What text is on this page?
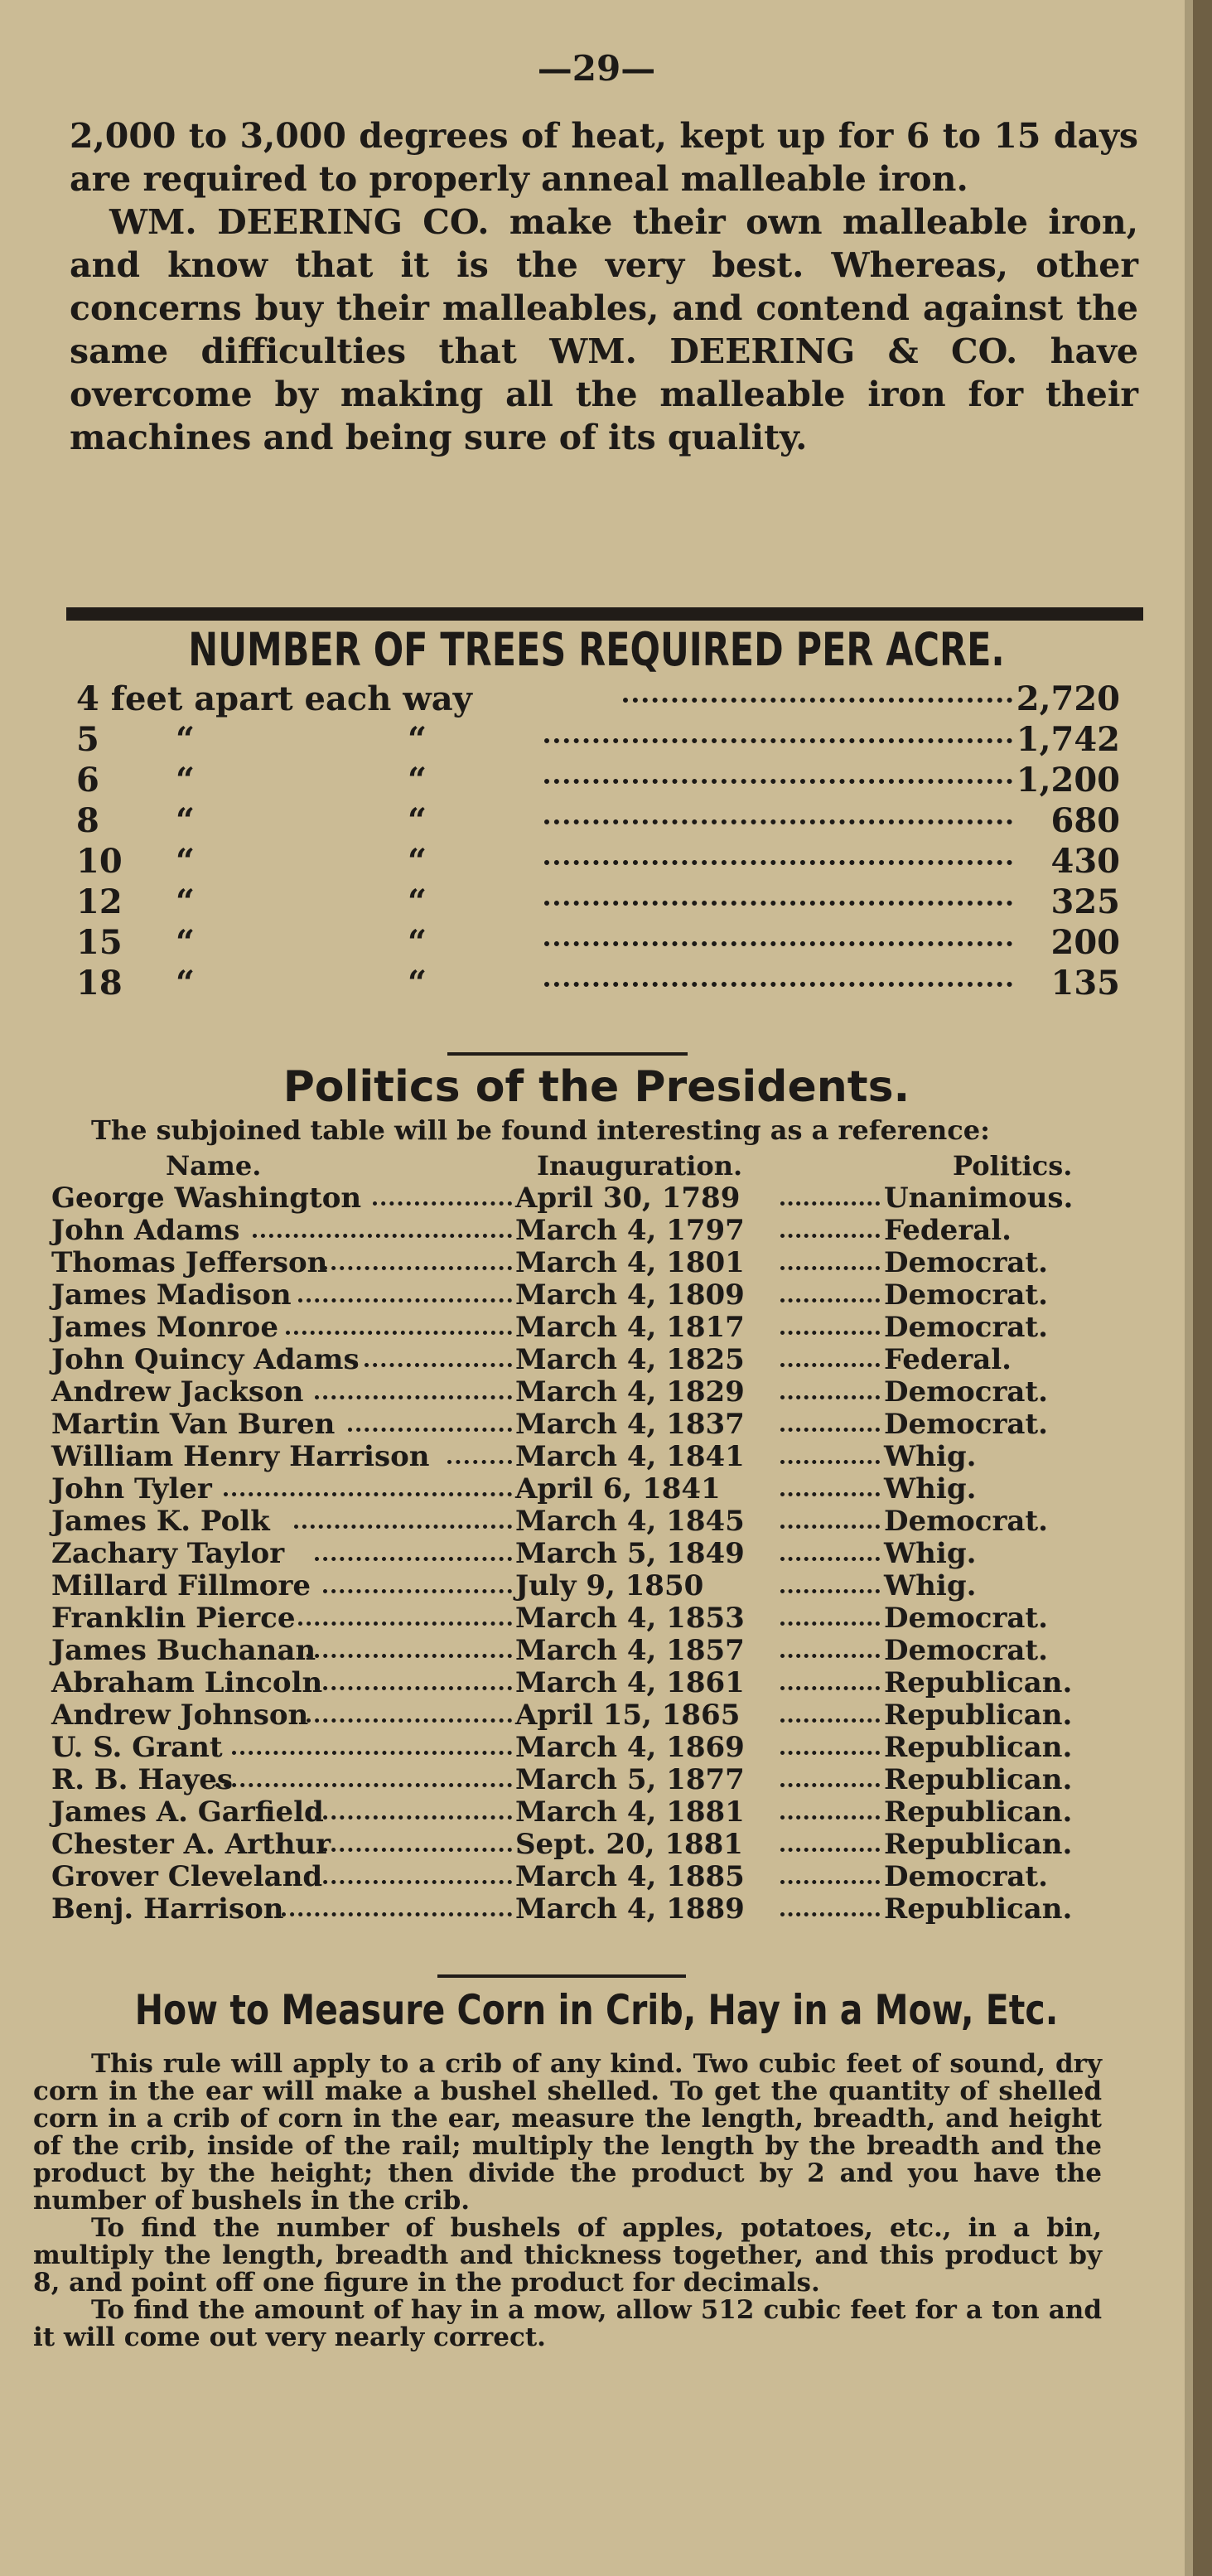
—29—

2,000 to 3,000 degrees of heat, kept up for 6 to 15 days are required to properly anneal malleable iron.

WM. DEERING CO. make their own malleable iron, and know that it is the very best. Whereas, other concerns buy their malleables, and contend against the same difficulties that WM. DEERING & CO. have overcome by making all the malleable iron for their machines and being sure of its quality.

NUMBER OF TREES REQUIRED PER ACRE.
4 feet apart each way	2,720
5 “	“	1,742
6 “	“	1,200
8 “	“	680
10 “	“	430
12 “	“	325
15 “	“	200
18 “	“	135
Politics of the Presidents.
The subjoined table will be found interesting as a reference:
Name.	Inauguration.	Politics.
George Washington	April 30, 1789	Unanimous.
John Adams	March 4, 1797	Federal.
Thomas Jefferson	March 4, 1801	Democrat.
James Madison	March 4, 1809	Democrat.
James Monroe	March 4, 1817	Democrat.
John Quincy Adams	March 4, 1825	Federal.
Andrew Jackson	March 4, 1829	Democrat.
Martin Van Buren	March 4, 1837	Democrat.
William Henry Harrison	March 4, 1841	Whig.
John Tyler	April 6, 1841	Whig.
James K. Polk	March 4, 1845	Democrat.
Zachary Taylor	March 5, 1849	Whig.
Millard Fillmore	July 9, 1850	Whig.
Franklin Pierce	March 4, 1853	Democrat.
James Buchanan	March 4, 1857	Democrat.
Abraham Lincoln	March 4, 1861	Republican.
Andrew Johnson	April 15, 1865	Republican.
U. S. Grant	March 4, 1869	Republican.
R. B. Hayes	March 5, 1877	Republican.
James A. Garfield	March 4, 1881	Republican.
Chester A. Arthur	Sept. 20, 1881	Republican.
Grover Cleveland	March 4, 1885	Democrat.
Benj. Harrison	March 4, 1889	Republican.
How to Measure Corn in Crib, Hay in a Mow, Etc.

This rule will apply to a crib of any kind. Two cubic feet of sound, dry corn in the ear will make a bushel shelled. To get the quantity of shelled corn in a crib of corn in the ear, measure the length, breadth, and height of the crib, inside of the rail; multiply the length by the breadth and the product by the height; then divide the product by 2 and you have the number of bushels in the crib.

To find the number of bushels of apples, potatoes, etc., in a bin, multiply the length, breadth and thickness together, and this product by 8, and point off one figure in the product for decimals.

To find the amount of hay in a mow, allow 512 cubic feet for a ton and it will come out very nearly correct.
